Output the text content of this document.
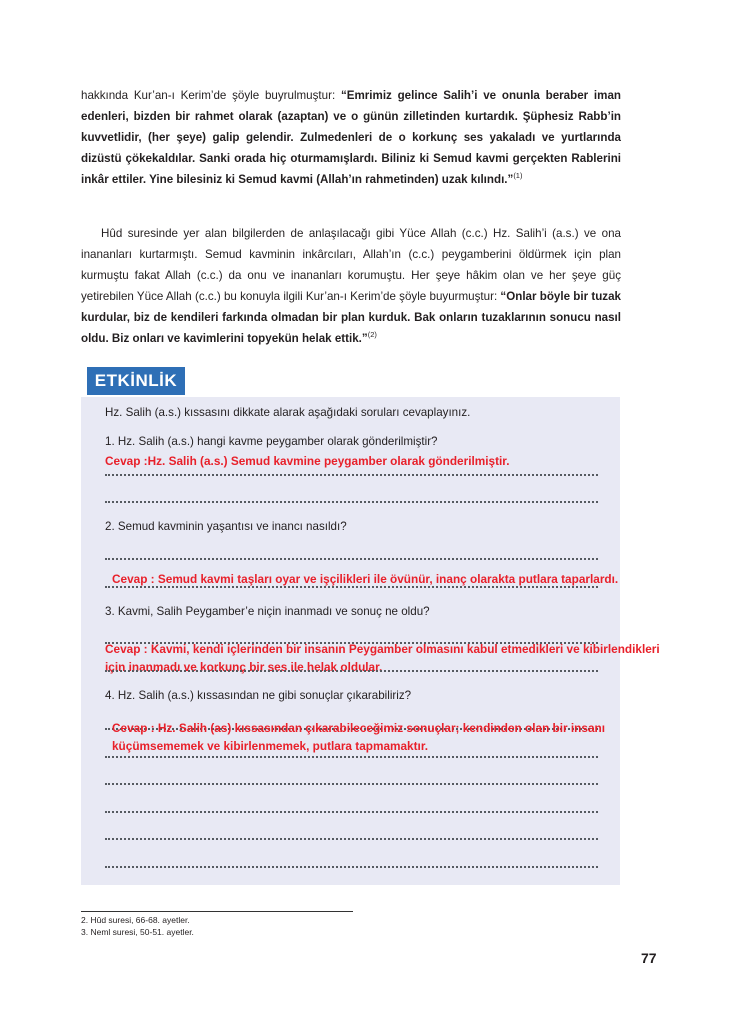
hakkında Kur’an-ı Kerim’de şöyle buyrulmuştur: “Emrimiz gelince Salih’i ve onunla beraber iman edenleri, bizden bir rahmet olarak (azaptan) ve o günün zilletinden kurtardık. Şüphesiz Rabb’in kuvvetlidir, (her şeye) galip gelendir. Zulmedenleri de o korkunç ses yakaladı ve yurtlarında dizüstü çökekaldılar. Sanki orada hiç oturmamışlardı. Biliniz ki Semud kavmi gerçekten Rablerini inkâr ettiler. Yine bilesiniz ki Semud kavmi (Allah’ın rahmetinden) uzak kılındı.”$^{(1)}$

Hûd suresinde yer alan bilgilerden de anlaşılacağı gibi Yüce Allah (c.c.) Hz. Salih’i (a.s.) ve ona inananları kurtarmıştı. Semud kavminin inkârcıları, Allah’ın (c.c.) peygamberini öldürmek için plan kurmuştu fakat Allah (c.c.) da onu ve inananları korumuştu. Her şeye hâkim olan ve her şeye güç yetirebilen Yüce Allah (c.c.) bu konuyla ilgili Kur’an-ı Kerim’de şöyle buyurmuştur: “Onlar böyle bir tuzak kurdular, biz de kendileri farkında olmadan bir plan kurduk. Bak onların tuzaklarının sonucu nasıl oldu. Biz onları ve kavimlerini topyekün helak ettik.”$^{(2)}$

ETKİNLİK

Hz. Salih (a.s.) kıssasını dikkate alarak aşağıdaki soruları cevaplayınız.

1. Hz. Salih (a.s.) hangi kavme peygamber olarak gönderilmiştir?

Cevap :Hz. Salih (a.s.) Semud kavmine peygamber olarak gönderilmiştir.

2. Semud kavminin yaşantısı ve inancı nasıldı?

Cevap : Semud kavmi taşları oyar ve işçilikleri ile övünür, inanç olarakta putlara taparlardı.

3. Kavmi, Salih Peygamber’e niçin inanmadı ve sonuç ne oldu?

Cevap : Kavmi, kendi içlerinden bir insanın Peygamber olmasını kabul etmedikleri ve kibirlendikleri

için inanmadı ve korkunç bir ses ile helak oldular.

4. Hz. Salih (a.s.) kıssasından ne gibi sonuçlar çıkarabiliriz?

Cevap : Hz. Salih (as) kıssasından çıkarabileceğimiz sonuçlar; kendinden olan bir insanı

küçümsememek ve kibirlenmemek, putlara tapmamaktır.

2. Hûd suresi, 66-68. ayetler.

3. Neml suresi, 50-51. ayetler.

77
